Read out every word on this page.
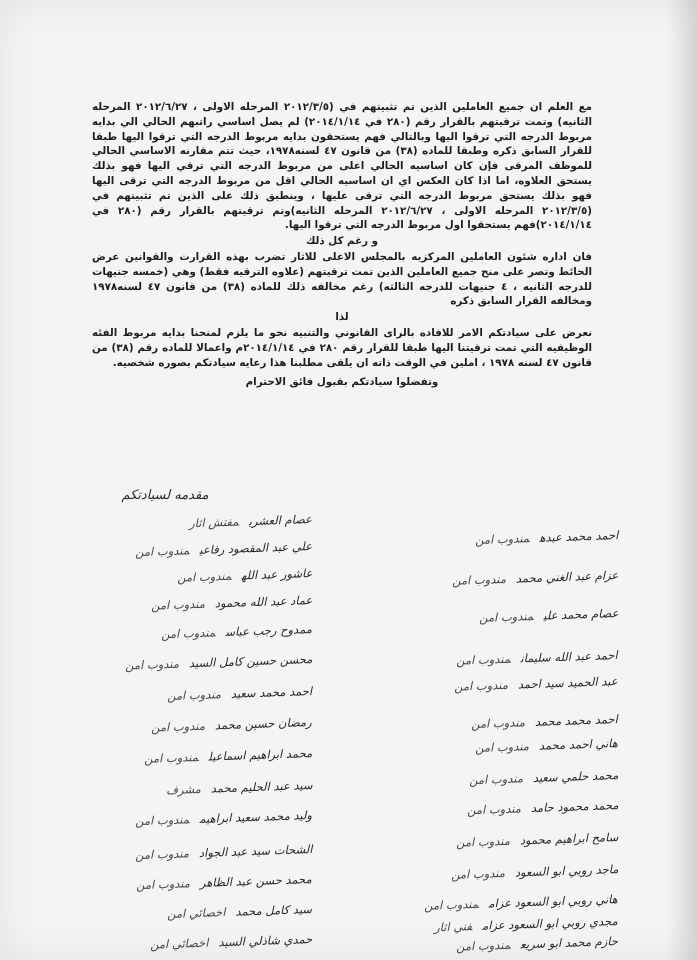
مع العلم ان جميع العاملين الذين تم تثبيتهم في (٢٠١٢/٣/٥ المرحله الاولى ، ٢٠١٢/٦/٢٧ المرحله الثانيه) وتمت ترقيتهم بالقرار رقم (٢٨٠ في ٢٠١٤/١/١٤) لم يصل اساسي راتبهم الحالي الي بدايه مربوط الدرجه التي ترقوا اليها وبالتالي فهم يستحقون بدايه مربوط الدرجه التي ترقوا اليها طبقا للقرار السابق ذكره وطبقا للماده (٣٨) من قانون ٤٧ لسنه١٩٧٨، حيث تتم مقارنه الاساسي الحالي للموظف المرقى فإن كان اساسيه الحالي اعلى من مربوط الدرجه التي ترقي اليها فهو بذلك يستحق العلاوه، اما اذا كان العكس اي ان اساسيه الحالي اقل من مربوط الدرجه التي ترقى اليها فهو بذلك يستحق مربوط الدرجه التي ترقى عليها ، وينطبق ذلك على الذين تم تثبيتهم في (٢٠١٢/٣/٥ المرحله الاولى ، ٢٠١٢/٦/٢٧ المرحله الثانيه)وتم ترقيتهم بالقرار رقم (٢٨٠ في ٢٠١٤/١/١٤)فهم يستحقوا اول مربوط الدرجه التي ترقوا اليها.

و رغم كل ذلك

فان اداره شئون العاملين المركزيه بالمجلس الاعلى للاثار تضرب بهذه القرارت والقوانين عرض الحائط وتصر على منح جميع العاملين الذين تمت ترقيتهم (علاوه الترقيه فقط) وهي (خمسه جنيهات للدرجه الثانيه ، ٤ جنيهات للدرجه الثالثه) رغم مخالفه ذلك للماده (٣٨) من قانون ٤٧ لسنه١٩٧٨ ومخالفه القرار السابق ذكره

لذا

نعرض على سيادتكم الامر للافاده بالراى القانوني والتنبيه نحو ما يلزم لمنحنا بدايه مربوط الفئه الوظيفيه التي تمت ترقيتنا اليها طبقا للقرار رقم ٢٨٠ في ٢٠١٤/١/١٤م واعمالا للماده رقم (٣٨) من قانون ٤٧ لسنه ١٩٧٨ ، املين في الوقت ذاته ان يلقى مطلبنا هذا رعايه سيادتكم بصوره شخصيه.

وتفضلوا سيادتكم بقبول فائق الاحترام

مقدمه لسيادتكم
عصام العشريمفتش اثار
علي عبد المقصود رفاعيمندوب امن
عاشور عبد اللهمندوب امن
عماد عبد الله محمودمندوب امن
ممدوح رجب عباسمندوب امن
محسن حسين كامل السيدمندوب امن
احمد محمد سعيدمندوب امن
رمضان حسين محمدمندوب امن
محمد ابراهيم اسماعيلمندوب امن
سيد عبد الحليم محمدمشرف
وليد محمد سعيد ابراهيممندوب امن
الشحات سيد عبد الجوادمندوب امن
محمد حسن عبد الظاهرمندوب امن
سيد كامل محمداخصائي امن
حمدي شاذلي السيداخصائي امن
احمد محمد عبدهمندوب امن
عزام عبد الغني محمدمندوب امن
عصام محمد عليمندوب امن
احمد عبد الله سليمانمندوب امن
عبد الحميد سيد احمدمندوب امن
احمد محمد محمدمندوب امن
هاني احمد محمدمندوب امن
محمد حلمي سعيدمندوب امن
محمد محمود حامدمندوب امن
سامح ابراهيم محمودمندوب امن
ماجد روبي ابو السعودمندوب امن
هاني روبي ابو السعود عزاممندوب امن
مجدي روبي ابو السعود عزامفني اثار
حازم محمد ابو سريعمندوب امن
